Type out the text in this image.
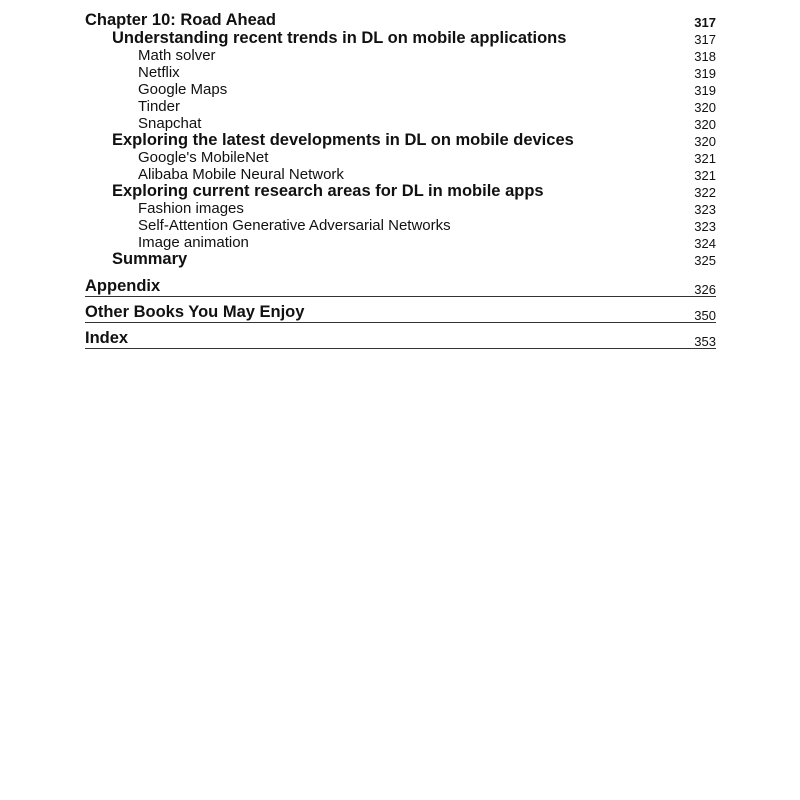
Chapter 10: Road Ahead	317
Understanding recent trends in DL on mobile applications	317
Math solver	318
Netflix	319
Google Maps	319
Tinder	320
Snapchat	320
Exploring the latest developments in DL on mobile devices	320
Google's MobileNet	321
Alibaba Mobile Neural Network	321
Exploring current research areas for DL in mobile apps	322
Fashion images	323
Self-Attention Generative Adversarial Networks	323
Image animation	324
Summary	325
Appendix	326
Other Books You May Enjoy	350
Index	353
